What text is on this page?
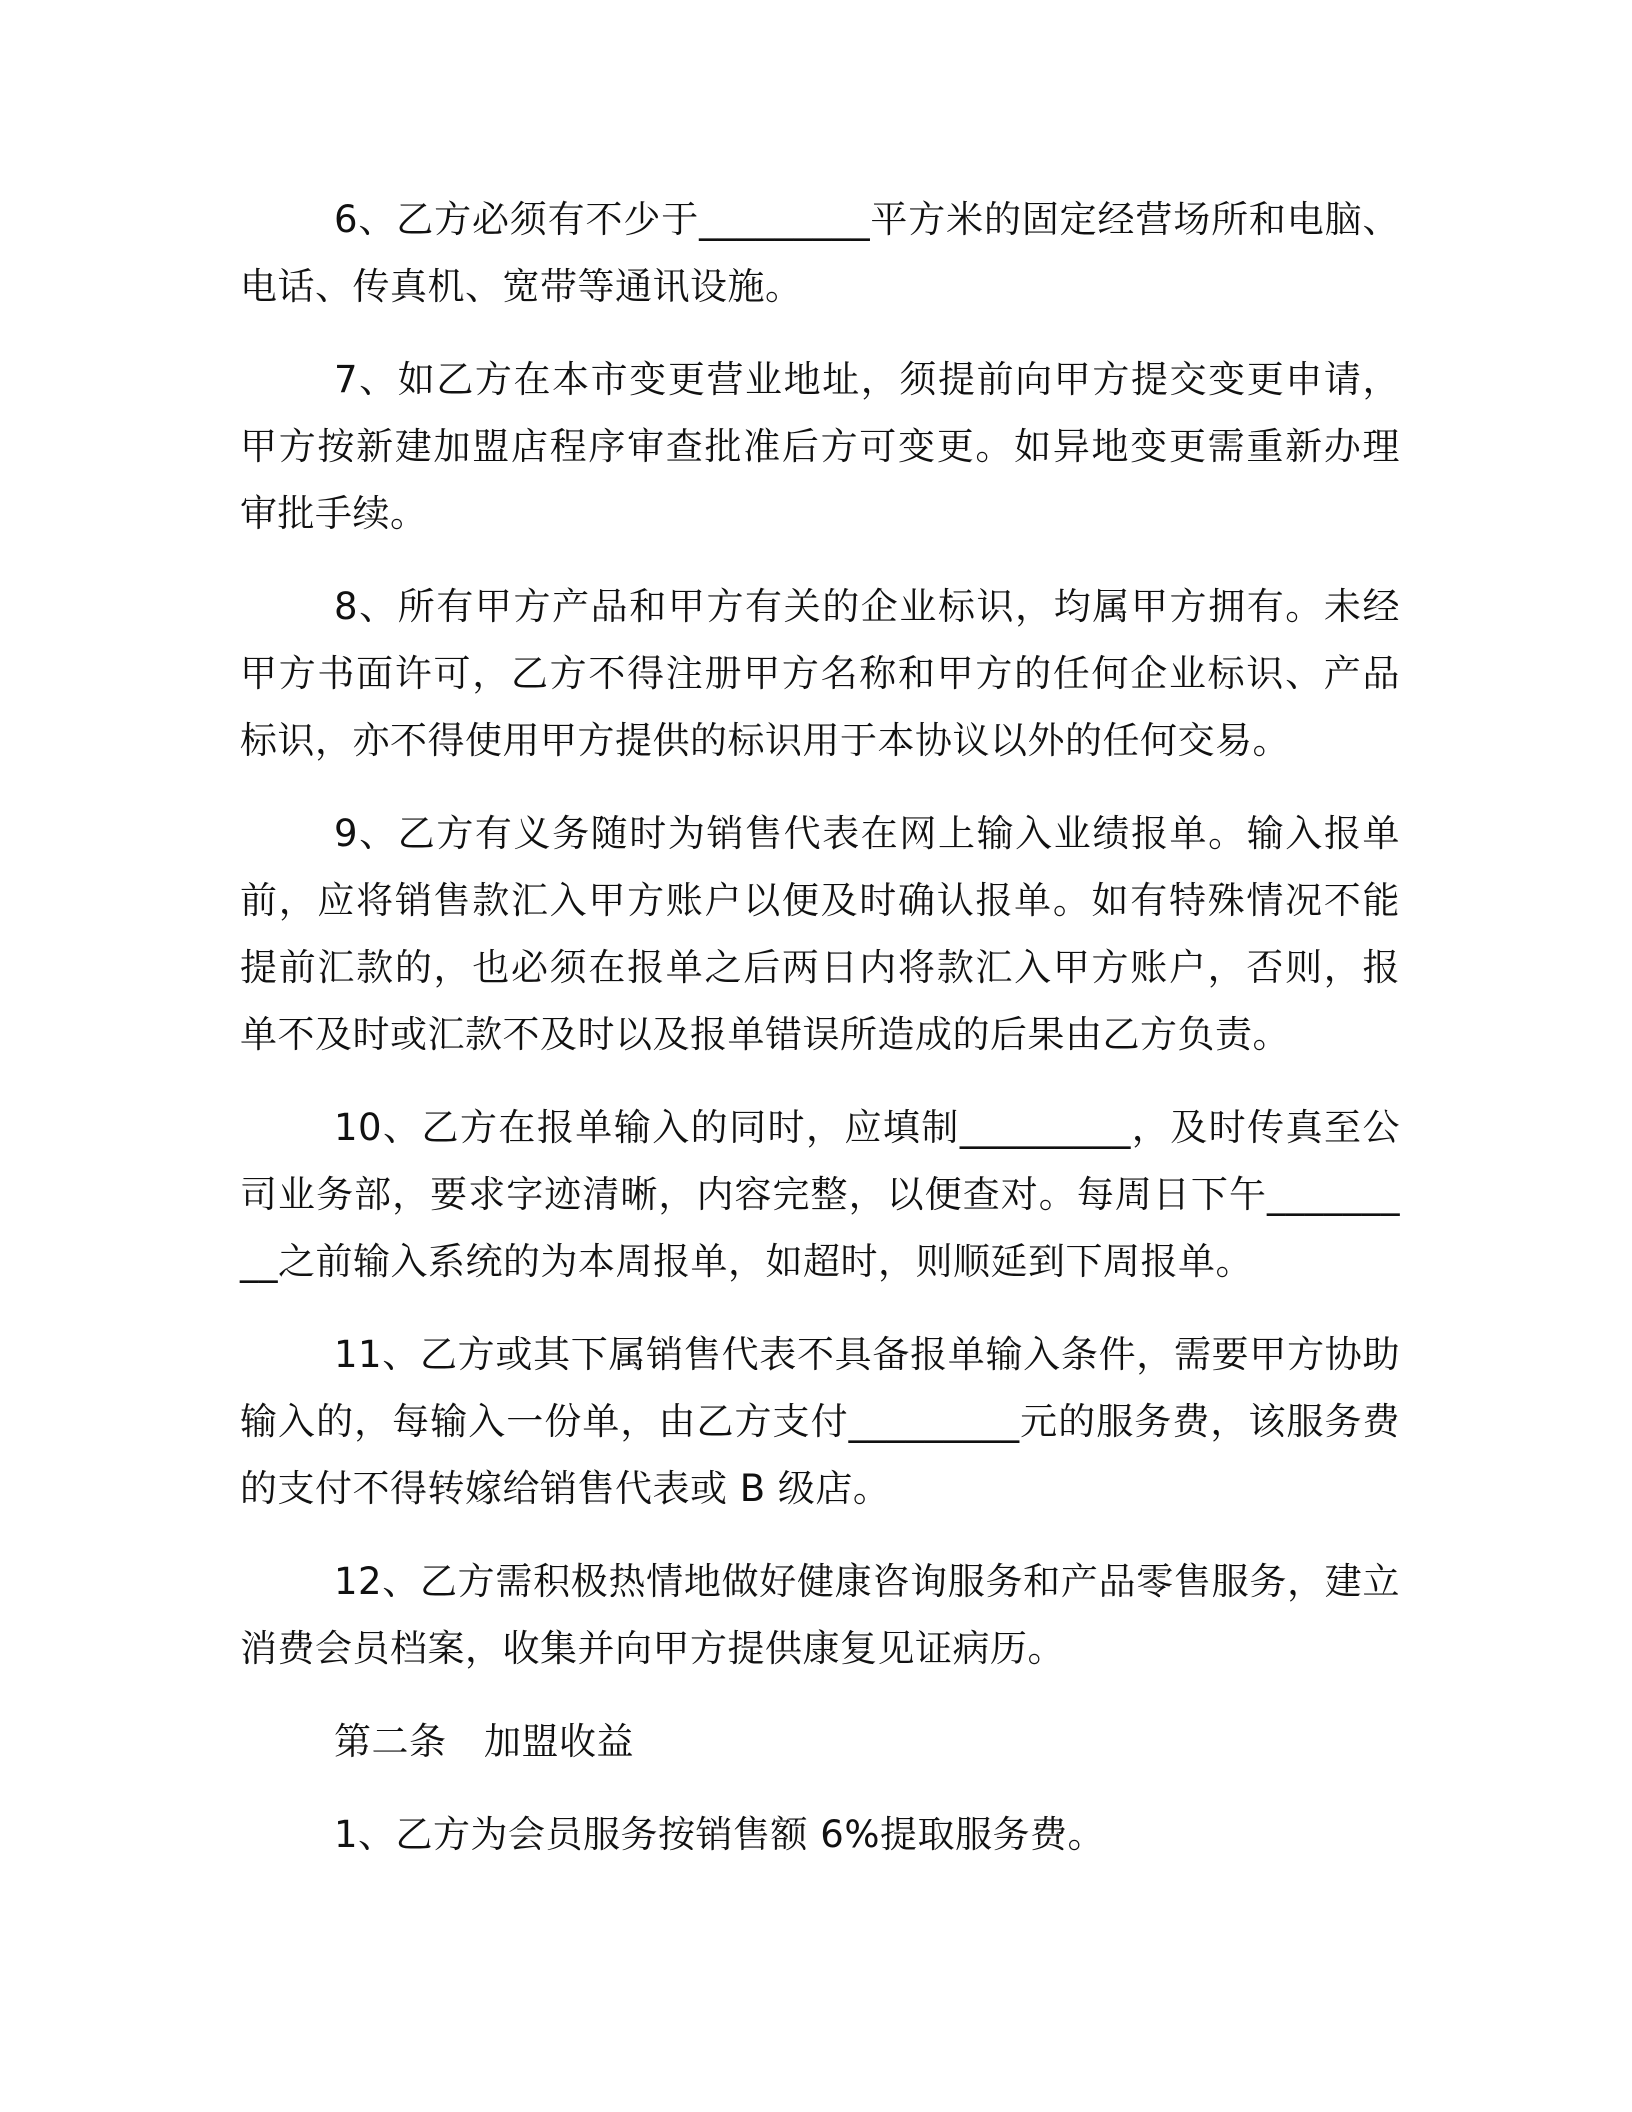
6、乙方必须有不少于_________平方米的固定经营场所和电脑、电话、传真机、宽带等通讯设施。

7、如乙方在本市变更营业地址，须提前向甲方提交变更申请，甲方按新建加盟店程序审查批准后方可变更。如异地变更需重新办理审批手续。

8、所有甲方产品和甲方有关的企业标识，均属甲方拥有。未经甲方书面许可，乙方不得注册甲方名称和甲方的任何企业标识、产品标识，亦不得使用甲方提供的标识用于本协议以外的任何交易。

9、乙方有义务随时为销售代表在网上输入业绩报单。输入报单前，应将销售款汇入甲方账户以便及时确认报单。如有特殊情况不能提前汇款的，也必须在报单之后两日内将款汇入甲方账户，否则，报单不及时或汇款不及时以及报单错误所造成的后果由乙方负责。

10、乙方在报单输入的同时，应填制_________，及时传真至公司业务部，要求字迹清晰，内容完整，以便查对。每周日下午_________之前输入系统的为本周报单，如超时，则顺延到下周报单。

11、乙方或其下属销售代表不具备报单输入条件，需要甲方协助输入的，每输入一份单，由乙方支付_________元的服务费，该服务费的支付不得转嫁给销售代表或 B 级店。

12、乙方需积极热情地做好健康咨询服务和产品零售服务，建立消费会员档案，收集并向甲方提供康复见证病历。

第二条　加盟收益

1、乙方为会员服务按销售额 6%提取服务费。
